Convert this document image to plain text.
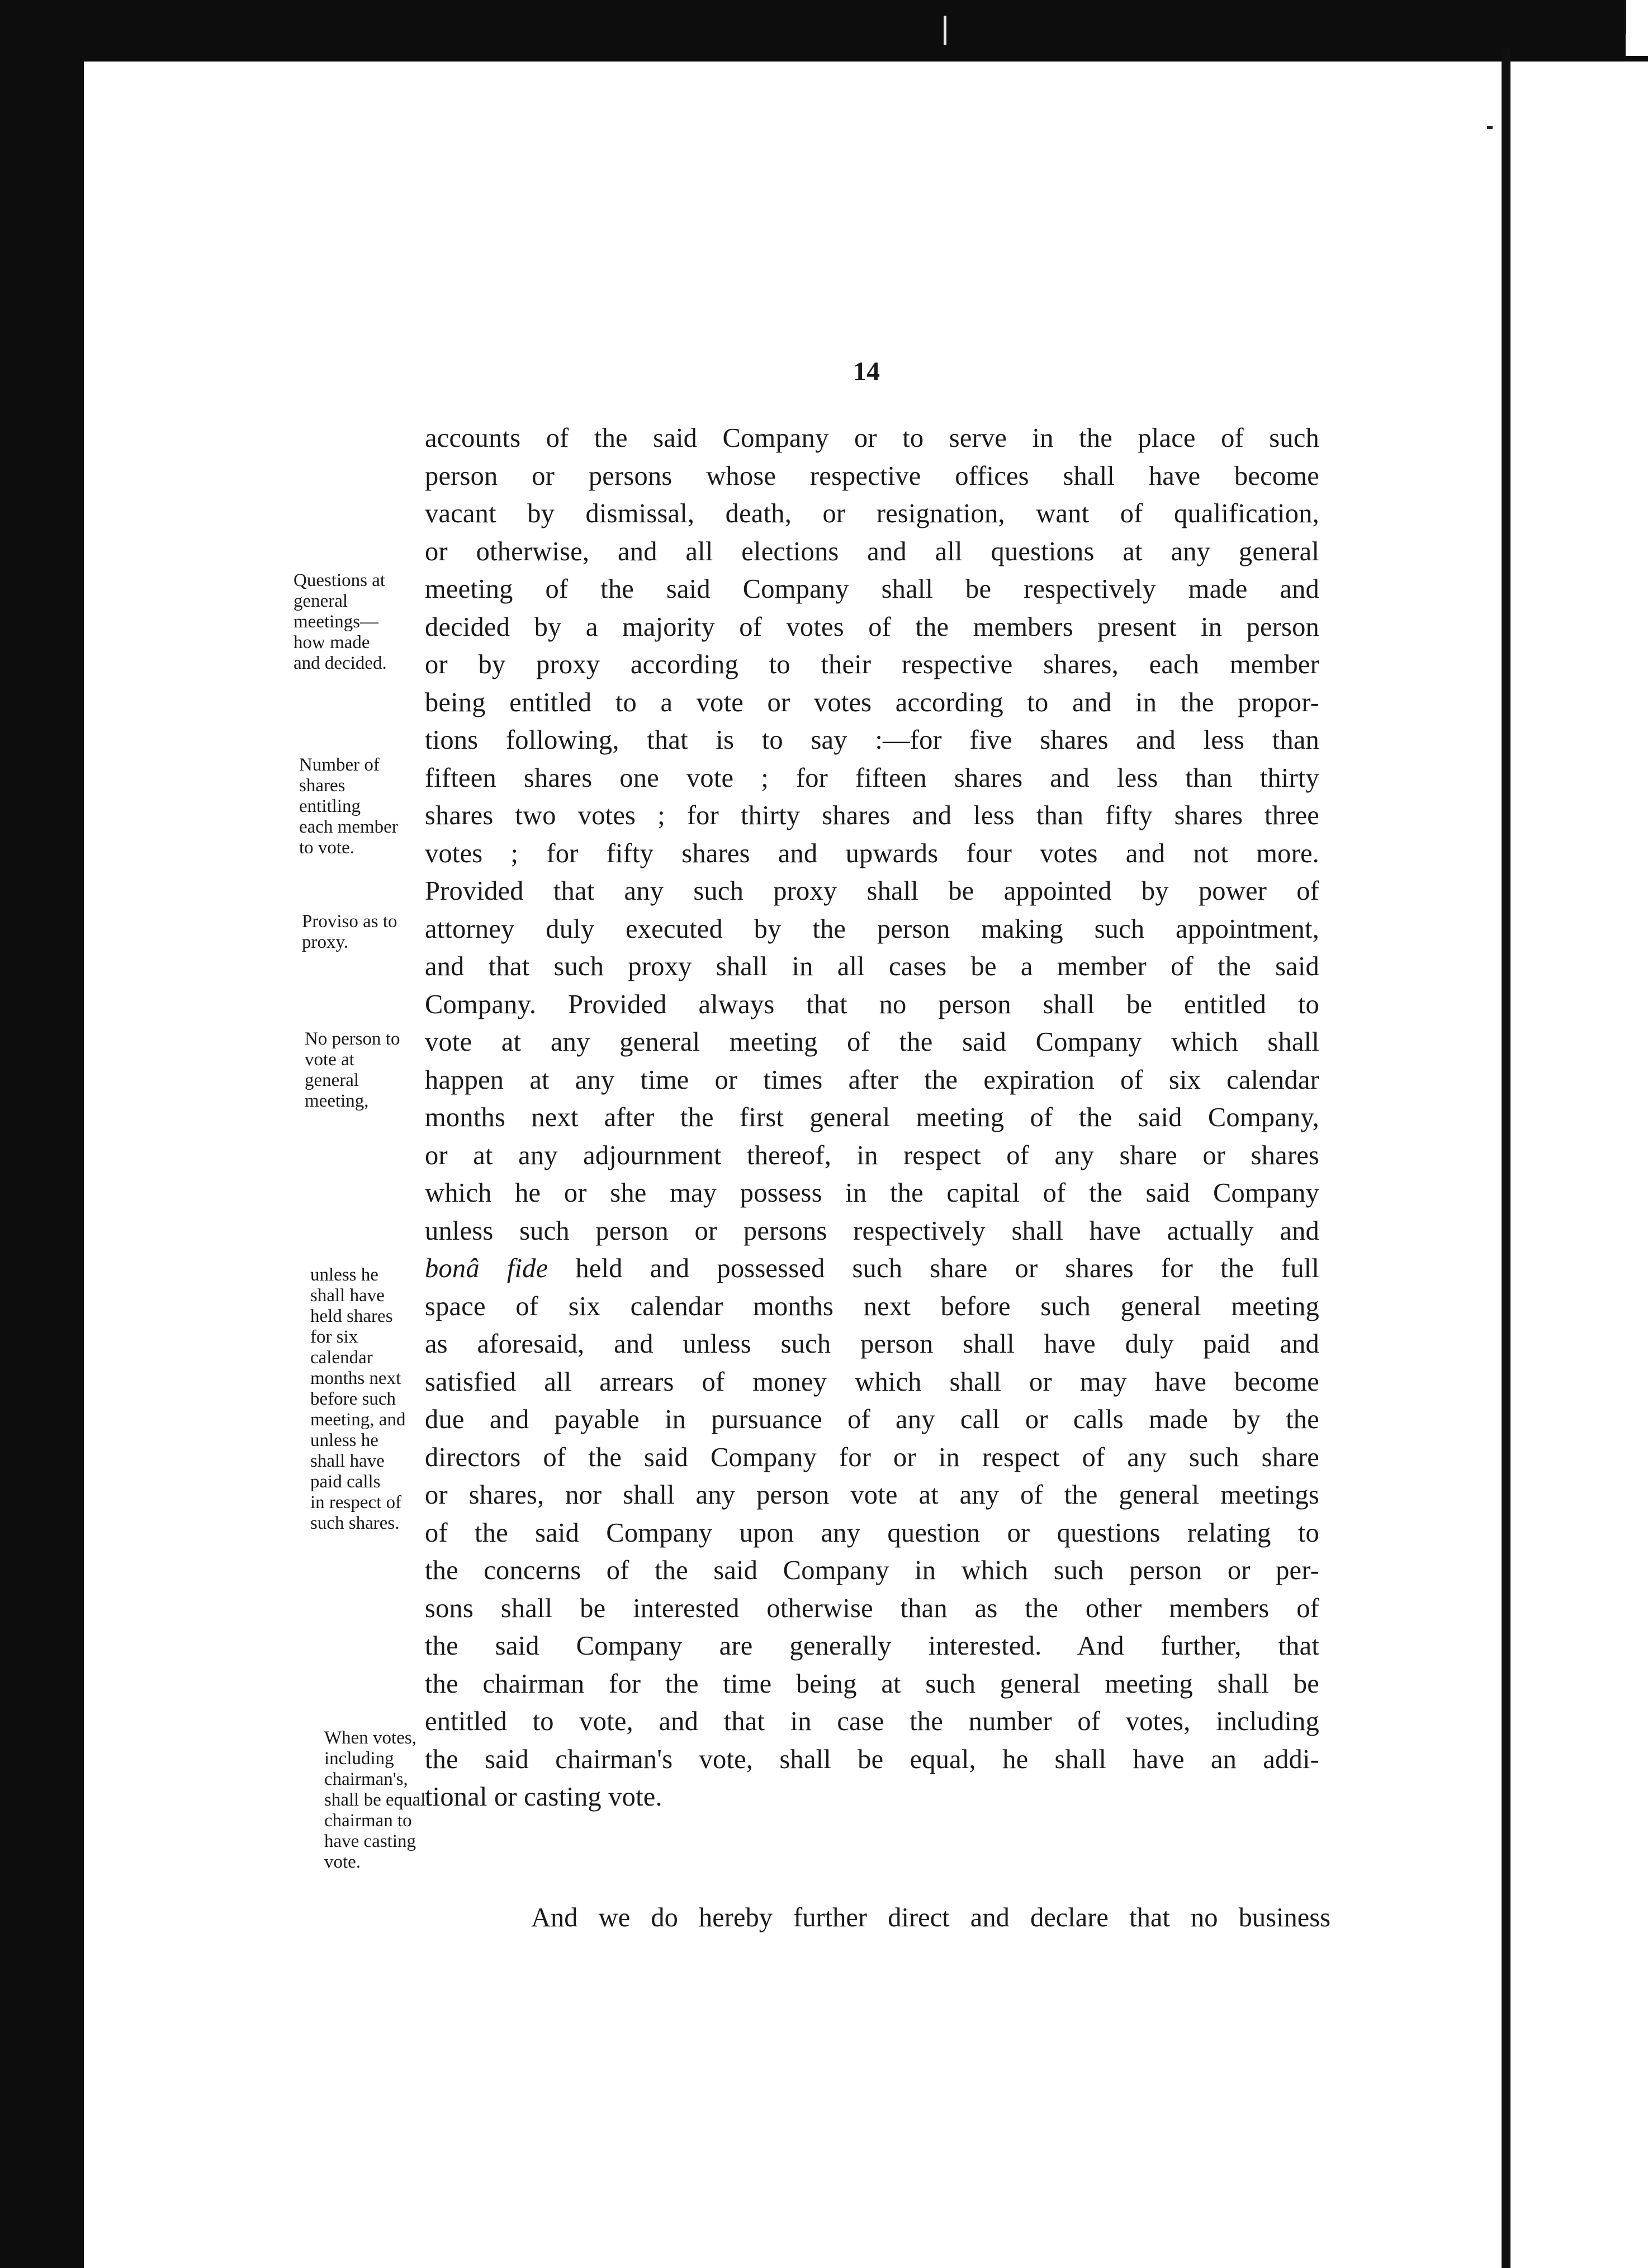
14
Questions at
general
meetings—
how made
and decided.
Number of
shares
entitling
each member
to vote.
Proviso as to
proxy.
No person to
vote at
general
meeting,
unless he
shall have
held shares
for six
calendar
months next
before such
meeting, and
unless he
shall have
paid calls
in respect of
such shares.
When votes,
including
chairman's,
shall be equal
chairman to
have casting
vote.
accounts of the said Company or to serve in the place of such
person or persons whose respective offices shall have become
vacant by dismissal, death, or resignation, want of qualification,
or otherwise, and all elections and all questions at any general
meeting of the said Company shall be respectively made and
decided by a majority of votes of the members present in person
or by proxy according to their respective shares, each member
being entitled to a vote or votes according to and in the propor-
tions following, that is to say :—for five shares and less than
fifteen shares one vote ; for fifteen shares and less than thirty
shares two votes ; for thirty shares and less than fifty shares three
votes ; for fifty shares and upwards four votes and not more.
Provided that any such proxy shall be appointed by power of
attorney duly executed by the person making such appointment,
and that such proxy shall in all cases be a member of the said
Company. Provided always that no person shall be entitled to
vote at any general meeting of the said Company which shall
happen at any time or times after the expiration of six calendar
months next after the first general meeting of the said Company,
or at any adjournment thereof, in respect of any share or shares
which he or she may possess in the capital of the said Company
unless such person or persons respectively shall have actually and
bonâ fide held and possessed such share or shares for the full
space of six calendar months next before such general meeting
as aforesaid, and unless such person shall have duly paid and
satisfied all arrears of money which shall or may have become
due and payable in pursuance of any call or calls made by the
directors of the said Company for or in respect of any such share
or shares, nor shall any person vote at any of the general meetings
of the said Company upon any question or questions relating to
the concerns of the said Company in which such person or per-
sons shall be interested otherwise than as the other members of
the said Company are generally interested. And further, that
the chairman for the time being at such general meeting shall be
entitled to vote, and that in case the number of votes, including
the said chairman's vote, shall be equal, he shall have an addi-
tional or casting vote.
And we do hereby further direct and declare that no business
